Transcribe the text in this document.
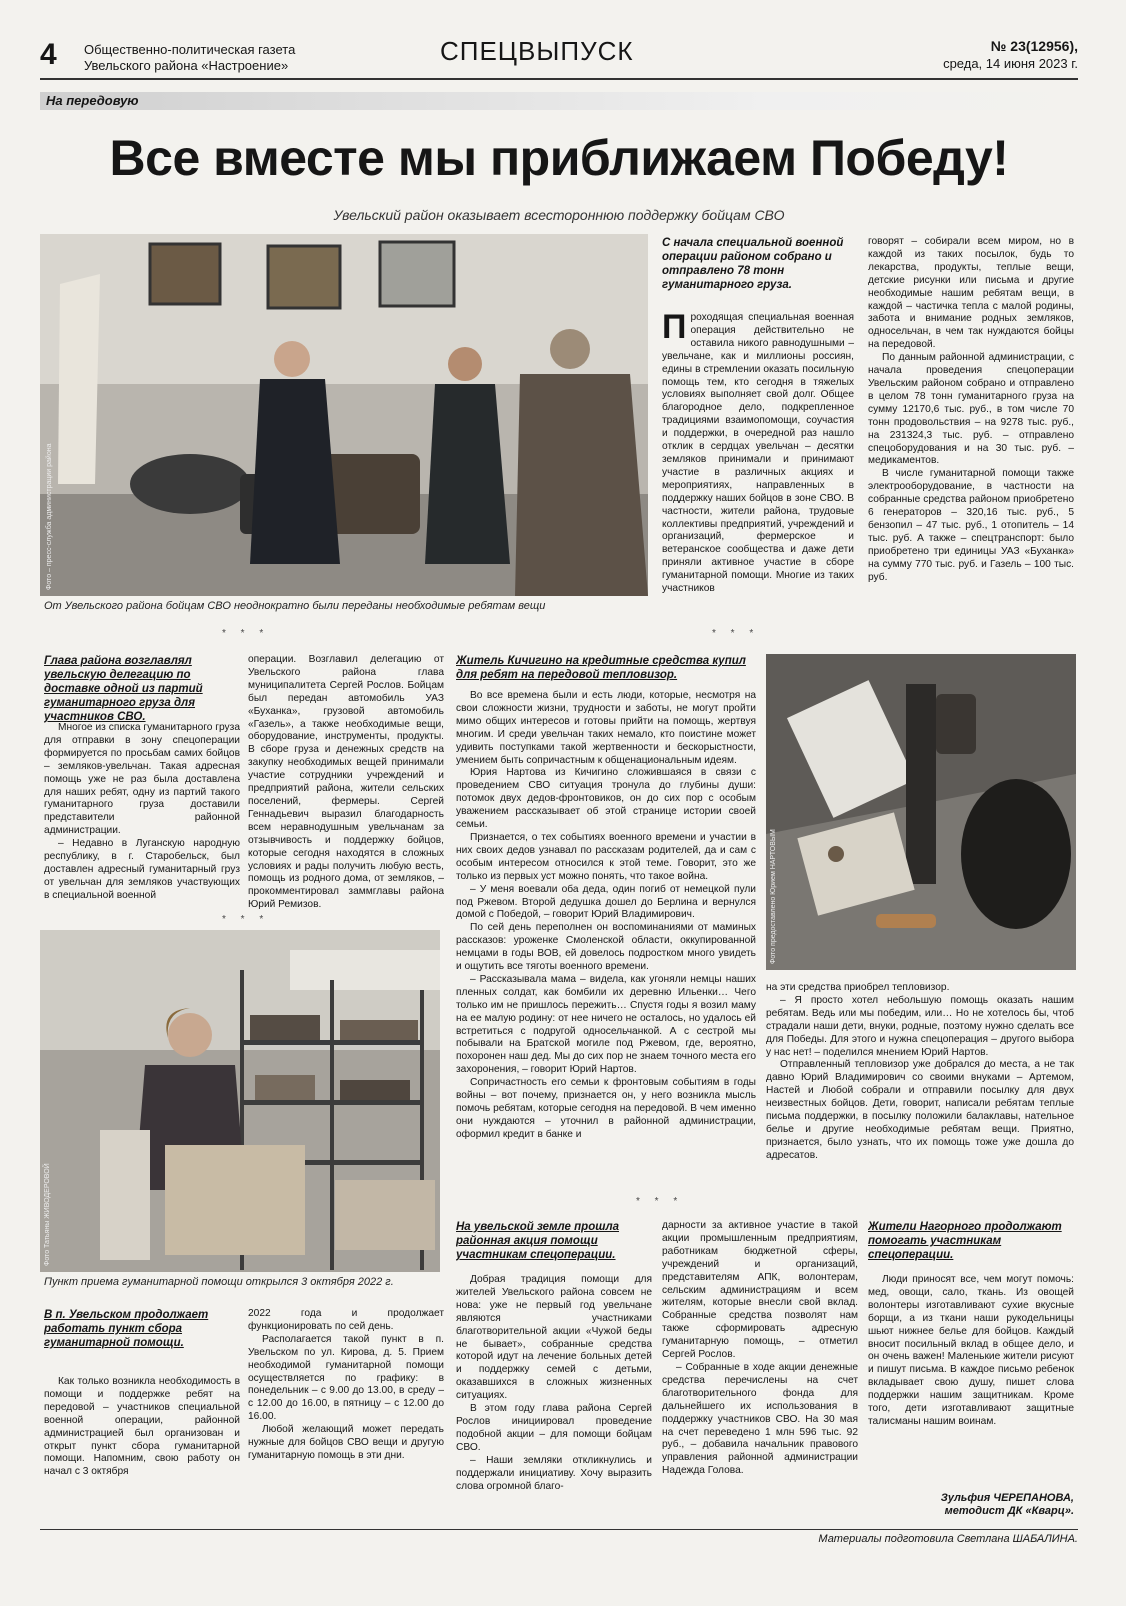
4 Общественно-политическая газета
Увельского района «Настроение»	СПЕЦВЫПУСК	№ 23(12956),
среда, 14 июня 2023 г.
На передовую
Все вместе мы приближаем Победу!
Увельский район оказывает всестороннюю поддержку бойцам СВО
Фото – пресс-служба администрации района
От Увельского района бойцам СВО неоднократно были переданы необходимые ребятам вещи
С начала специальной военной операции районом собрано и отправлено 78 тонн гуманитарного груза.
Проходящая специальная военная операция действительно не оставила никого равнодушными – увельчане, как и миллионы россиян, едины в стремлении оказать посильную помощь тем, кто сегодня в тяжелых условиях выполняет свой долг. Общее благородное дело, подкрепленное традициями взаимопомощи, соучастия и поддержки, в очередной раз нашло отклик в сердцах увельчан – десятки земляков принимали и принимают участие в различных акциях и мероприятиях, направленных в поддержку наших бойцов в зоне СВО. В частности, жители района, трудовые коллективы предприятий, учреждений и организаций, фермерское и ветеранское сообщества и даже дети приняли активное участие в сборе гуманитарной помощи. Многие из таких участников

говорят – собирали всем миром, но в каждой из таких посылок, будь то лекарства, продукты, теплые вещи, детские рисунки или письма и другие необходимые нашим ребятам вещи, в каждой – частичка тепла с малой родины, забота и внимание родных земляков, односельчан, в чем так нуждаются бойцы на передовой.

По данным районной администрации, с начала проведения спецоперации Увельским районом собрано и отправлено в целом 78 тонн гуманитарного груза на сумму 12170,6 тыс. руб., в том числе 70 тонн продовольствия – на 9278 тыс. руб., на 231324,3 тыс. руб. – отправлено спецоборудования и на 30 тыс. руб. – медикаментов.

В числе гуманитарной помощи также электрооборудование, в частности на собранные средства районом приобретено 6 генераторов – 320,16 тыс. руб., 5 бензопил – 47 тыс. руб., 1 отопитель – 14 тыс. руб. А также – спецтранспорт: было приобретено три единицы УАЗ «Буханка» на сумму 770 тыс. руб. и Газель – 100 тыс. руб.

* * *	* * *
Глава района возглавлял увельскую делегацию по доставке одной из партий гуманитарного груза для участников СВО.

Многое из списка гуманитарного груза для отправки в зону спецоперации формируется по просьбам самих бойцов – земляков-увельчан. Такая адресная помощь уже не раз была доставлена для наших ребят, одну из партий такого гуманитарного груза доставили представители районной администрации.

– Недавно в Луганскую народную республику, в г. Старобельск, был доставлен адресный гуманитарный груз от увельчан для земляков участвующих в специальной военной

операции. Возглавил делегацию от Увельского района глава муниципалитета Сергей Рослов. Бойцам был передан автомобиль УАЗ «Буханка», грузовой автомобиль «Газель», а также необходимые вещи, оборудование, инструменты, продукты. В сборе груза и денежных средств на закупку необходимых вещей принимали участие сотрудники учреждений и предприятий района, жители сельских поселений, фермеры. Сергей Геннадьевич выразил благодарность всем неравнодушным увельчанам за отзывчивость и поддержку бойцов, которые сегодня находятся в сложных условиях и рады получить любую весть, помощь из родного дома, от земляков, – прокомментировал заммглавы района Юрий Ремизов.

* * *
Фото Татьяны ЖИВОДЕРОВОЙ
Пункт приема гуманитарной помощи открылся 3 октября 2022 г.
В п. Увельском продолжает работать пункт сбора гуманитарной помощи.

Как только возникла необходимость в помощи и поддержке ребят на передовой – участников специальной военной операции, районной администрацией был организован и открыт пункт сбора гуманитарной помощи. Напомним, свою работу он начал с 3 октября

2022 года и продолжает функционировать по сей день.

Располагается такой пункт в п. Увельском по ул. Кирова, д. 5. Прием необходимой гуманитарной помощи осуществляется по графику: в понедельник – с 9.00 до 13.00, в среду – с 12.00 до 16.00, в пятницу – с 12.00 до 16.00.

Любой желающий может передать нужные для бойцов СВО вещи и другую гуманитарную помощь в эти дни.

Житель Кичигино на кредитные средства купил для ребят на передовой тепловизор.

Во все времена были и есть люди, которые, несмотря на свои сложности жизни, трудности и заботы, не могут пройти мимо общих интересов и готовы прийти на помощь, жертвуя многим. И среди увельчан таких немало, кто поистине может удивить поступками такой жертвенности и бескорыстности, умением быть сопричастным к общенациональным идеям.

Юрия Нартова из Кичигино сложившаяся в связи с проведением СВО ситуация тронула до глубины души: потомок двух дедов-фронтовиков, он до сих пор с особым уважением рассказывает об этой странице истории своей семьи.

Признается, о тех событиях военного времени и участии в них своих дедов узнавал по рассказам родителей, да и сам с особым интересом относился к этой теме. Говорит, это же только из первых уст можно понять, что такое война.

– У меня воевали оба деда, один погиб от немецкой пули под Ржевом. Второй дедушка дошел до Берлина и вернулся домой с Победой, – говорит Юрий Владимирович.

По сей день переполнен он воспоминаниями от маминых рассказов: уроженке Смоленской области, оккупированной немцами в годы ВОВ, ей довелось подростком много увидеть и ощутить все тяготы военного времени.

– Рассказывала мама – видела, как угоняли немцы наших пленных солдат, как бомбили их деревню Ильенки… Чего только им не пришлось пережить… Спустя годы я возил маму на ее малую родину: от нее ничего не осталось, но удалось ей встретиться с подругой односельчанкой. А с сестрой мы побывали на Братской могиле под Ржевом, где, вероятно, похоронен наш дед. Мы до сих пор не знаем точного места его захоронения, – говорит Юрий Нартов.

Сопричастность его семьи к фронтовым событиям в годы войны – вот почему, признается он, у него возникла мысль помочь ребятам, которые сегодня на передовой. В чем именно они нуждаются – уточнил в районной администрации, оформил кредит в банке и

Фото предоставлено Юрием НАРТОВЫМ

на эти средства приобрел тепловизор.

– Я просто хотел небольшую помощь оказать нашим ребятам. Ведь или мы победим, или… Но не хотелось бы, чтоб страдали наши дети, внуки, родные, поэтому нужно сделать все для Победы. Для этого и нужна спецоперация – другого выбора у нас нет! – поделился мнением Юрий Нартов.

Отправленный тепловизор уже добрался до места, а не так давно Юрий Владимирович со своими внуками – Артемом, Настей и Любой собрали и отправили посылку для двух неизвестных бойцов. Дети, говорит, написали ребятам теплые письма поддержки, в посылку положили балаклавы, нательное белье и другие необходимые ребятам вещи. Приятно, признается, было узнать, что их помощь тоже уже дошла до адресатов.

* * *
На увельской земле прошла районная акция помощи участникам спецоперации.

Добрая традиция помощи для жителей Увельского района совсем не нова: уже не первый год увельчане являются участниками благотворительной акции «Чужой беды не бывает», собранные средства которой идут на лечение больных детей и поддержку семей с детьми, оказавшихся в сложных жизненных ситуациях.

В этом году глава района Сергей Рослов инициировал проведение подобной акции – для помощи бойцам СВО.

– Наши земляки откликнулись и поддержали инициативу. Хочу выразить слова огромной благо-

дарности за активное участие в такой акции промышленным предприятиям, работникам бюджетной сферы, учреждений и организаций, представителям АПК, волонтерам, сельским администрациям и всем жителям, которые внесли свой вклад. Собранные средства позволят нам также сформировать адресную гуманитарную помощь, – отметил Сергей Рослов.

– Собранные в ходе акции денежные средства перечислены на счет благотворительного фонда для дальнейшего их использования в поддержку участников СВО. На 30 мая на счет переведено 1 млн 596 тыс. 92 руб., – добавила начальник правового управления районной администрации Надежда Голова.

Жители Нагорного продолжают помогать участникам спецоперации.

Люди приносят все, чем могут помочь: мед, овощи, сало, ткань. Из овощей волонтеры изготавливают сухие вкусные борщи, а из ткани наши рукодельницы шьют нижнее белье для бойцов. Каждый вносит посильный вклад в общее дело, и он очень важен! Маленькие жители рисуют и пишут письма. В каждое письмо ребенок вкладывает свою душу, пишет слова поддержки нашим защитникам. Кроме того, дети изготавливают защитные талисманы нашим воинам.

Зульфия ЧЕРЕПАНОВА,
методист ДК «Кварц».
Материалы подготовила Светлана ШАБАЛИНА.
